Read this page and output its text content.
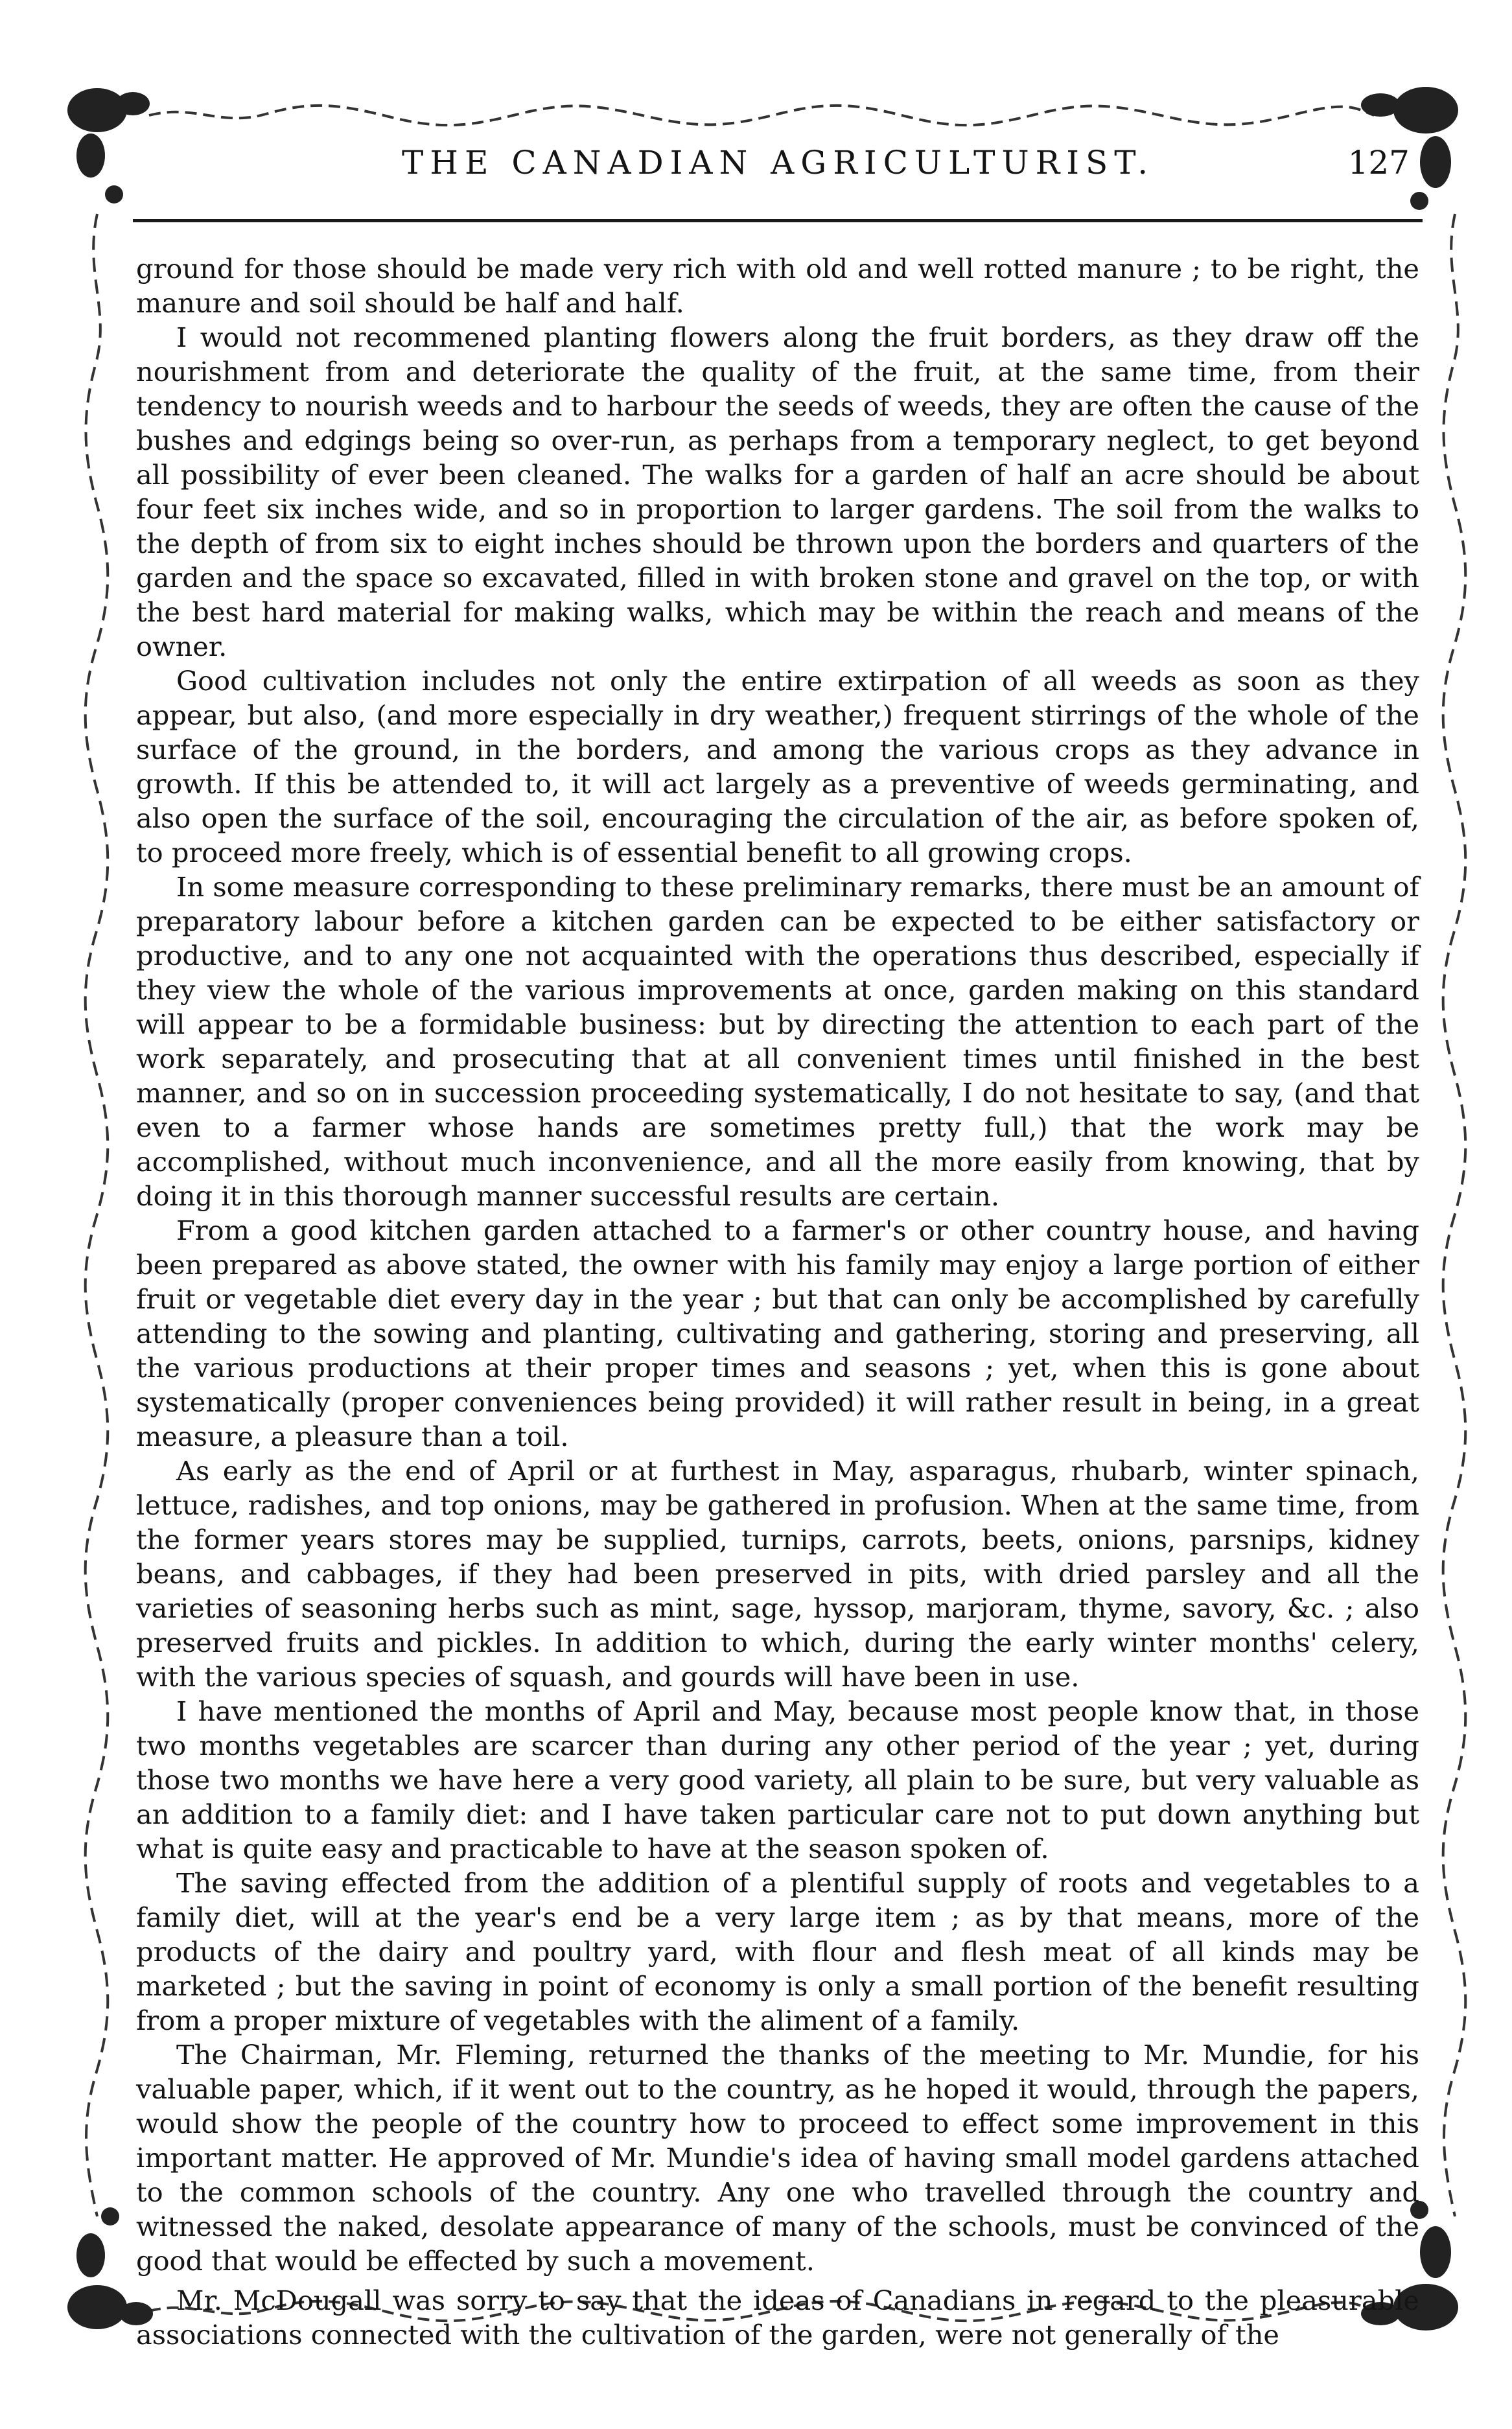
THE CANADIAN AGRICULTURIST.	127

ground for those should be made very rich with old and well rotted manure ; to be right, the manure and soil should be half and half.

I would not recommened planting flowers along the fruit borders, as they draw off the nourishment from and deteriorate the quality of the fruit, at the same time, from their tendency to nourish weeds and to harbour the seeds of weeds, they are often the cause of the bushes and edgings being so over-run, as perhaps from a temporary neglect, to get beyond all possibility of ever been cleaned. The walks for a garden of half an acre should be about four feet six inches wide, and so in proportion to larger gardens. The soil from the walks to the depth of from six to eight inches should be thrown upon the borders and quarters of the garden and the space so excavated, filled in with broken stone and gravel on the top, or with the best hard material for making walks, which may be within the reach and means of the owner.

Good cultivation includes not only the entire extirpation of all weeds as soon as they appear, but also, (and more especially in dry weather,) frequent stirrings of the whole of the surface of the ground, in the borders, and among the various crops as they advance in growth. If this be attended to, it will act largely as a preventive of weeds germinating, and also open the surface of the soil, encouraging the circulation of the air, as before spoken of, to proceed more freely, which is of essential benefit to all growing crops.

In some measure corresponding to these preliminary remarks, there must be an amount of preparatory labour before a kitchen garden can be expected to be either satisfactory or productive, and to any one not acquainted with the operations thus described, especially if they view the whole of the various improvements at once, garden making on this standard will appear to be a formidable business: but by directing the attention to each part of the work separately, and prosecuting that at all convenient times until finished in the best manner, and so on in succession proceeding systematically, I do not hesitate to say, (and that even to a farmer whose hands are sometimes pretty full,) that the work may be accomplished, without much inconvenience, and all the more easily from knowing, that by doing it in this thorough manner successful results are certain.

From a good kitchen garden attached to a farmer's or other country house, and having been prepared as above stated, the owner with his family may enjoy a large portion of either fruit or vegetable diet every day in the year ; but that can only be accomplished by carefully attending to the sowing and planting, cultivating and gathering, storing and preserving, all the various productions at their proper times and seasons ; yet, when this is gone about systematically (proper conveniences being provided) it will rather result in being, in a great measure, a pleasure than a toil.

As early as the end of April or at furthest in May, asparagus, rhubarb, winter spinach, lettuce, radishes, and top onions, may be gathered in profusion. When at the same time, from the former years stores may be supplied, turnips, carrots, beets, onions, parsnips, kidney beans, and cabbages, if they had been preserved in pits, with dried parsley and all the varieties of seasoning herbs such as mint, sage, hyssop, marjoram, thyme, savory, &c. ; also preserved fruits and pickles. In addition to which, during the early winter months' celery, with the various species of squash, and gourds will have been in use.

I have mentioned the months of April and May, because most people know that, in those two months vegetables are scarcer than during any other period of the year ; yet, during those two months we have here a very good variety, all plain to be sure, but very valuable as an addition to a family diet: and I have taken particular care not to put down anything but what is quite easy and practicable to have at the season spoken of.

The saving effected from the addition of a plentiful supply of roots and vegetables to a family diet, will at the year's end be a very large item ; as by that means, more of the products of the dairy and poultry yard, with flour and flesh meat of all kinds may be marketed ; but the saving in point of economy is only a small portion of the benefit resulting from a proper mixture of vegetables with the aliment of a family.

The Chairman, Mr. Fleming, returned the thanks of the meeting to Mr. Mundie, for his valuable paper, which, if it went out to the country, as he hoped it would, through the papers, would show the people of the country how to proceed to effect some improvement in this important matter. He approved of Mr. Mundie's idea of having small model gardens attached to the common schools of the country. Any one who travelled through the country and witnessed the naked, desolate appearance of many of the schools, must be convinced of the good that would be effected by such a movement.

Mr. McDougall was sorry to say that the ideas of Canadians in regard to the pleasurable associations connected with the cultivation of the garden, were not generally of the
